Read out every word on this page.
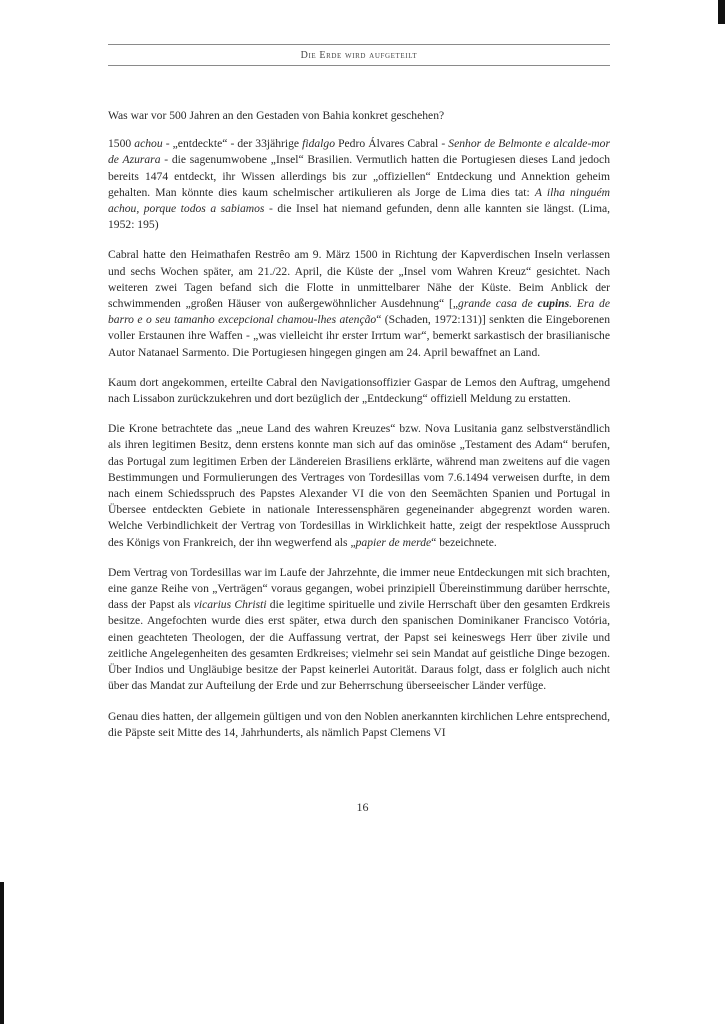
Die Erde wird aufgeteilt

Was war vor 500 Jahren an den Gestaden von Bahia konkret geschehen?

1500 achou - „entdeckte“ - der 33jährige fidalgo Pedro Álvares Cabral - Senhor de Belmonte e alcalde-mor de Azurara - die sagenumwobene „Insel“ Brasilien. Vermutlich hatten die Portugiesen dieses Land jedoch bereits 1474 entdeckt, ihr Wissen allerdings bis zur „offiziellen“ Entdeckung und Annektion geheim gehalten. Man könnte dies kaum schelmischer artikulieren als Jorge de Lima dies tat: A ilha ninguém achou, porque todos a sabiamos - die Insel hat niemand gefunden, denn alle kannten sie längst. (Lima, 1952: 195)

Cabral hatte den Heimathafen Restrêo am 9. März 1500 in Richtung der Kapverdischen Inseln verlassen und sechs Wochen später, am 21./22. April, die Küste der „Insel vom Wahren Kreuz“ gesichtet. Nach weiteren zwei Tagen befand sich die Flotte in unmittelbarer Nähe der Küste. Beim Anblick der schwimmenden „großen Häuser von außergewöhnlicher Ausdehnung“ [„grande casa de cupins. Era de barro e o seu tamanho excepcional chamou-lhes atenção“ (Schaden, 1972:131)] senkten die Eingeborenen voller Erstaunen ihre Waffen - „was vielleicht ihr erster Irrtum war“, bemerkt sarkastisch der brasilianische Autor Natanael Sarmento. Die Portugiesen hingegen gingen am 24. April bewaffnet an Land.

Kaum dort angekommen, erteilte Cabral den Navigationsoffizier Gaspar de Lemos den Auftrag, umgehend nach Lissabon zurückzukehren und dort bezüglich der „Entdeckung“ offiziell Meldung zu erstatten.

Die Krone betrachtete das „neue Land des wahren Kreuzes“ bzw. Nova Lusitania ganz selbstverständlich als ihren legitimen Besitz, denn erstens konnte man sich auf das ominöse „Testament des Adam“ berufen, das Portugal zum legitimen Erben der Ländereien Brasiliens erklärte, während man zweitens auf die vagen Bestimmungen und Formulierungen des Vertrages von Tordesillas vom 7.6.1494 verweisen durfte, in dem nach einem Schiedsspruch des Papstes Alexander VI die von den Seemächten Spanien und Portugal in Übersee entdeckten Gebiete in nationale Interessensphären gegeneinander abgegrenzt worden waren. Welche Verbindlichkeit der Vertrag von Tordesillas in Wirklichkeit hatte, zeigt der respektlose Ausspruch des Königs von Frankreich, der ihn wegwerfend als „papier de merde“ bezeichnete.

Dem Vertrag von Tordesillas war im Laufe der Jahrzehnte, die immer neue Entdeckungen mit sich brachten, eine ganze Reihe von „Verträgen“ voraus gegangen, wobei prinzipiell Übereinstimmung darüber herrschte, dass der Papst als vicarius Christi die legitime spirituelle und zivile Herrschaft über den gesamten Erdkreis besitze. Angefochten wurde dies erst später, etwa durch den spanischen Dominikaner Francisco Votória, einen geachteten Theologen, der die Auffassung vertrat, der Papst sei keineswegs Herr über zivile und zeitliche Angelegenheiten des gesamten Erdkreises; vielmehr sei sein Mandat auf geistliche Dinge bezogen. Über Indios und Ungläubige besitze der Papst keinerlei Autorität. Daraus folgt, dass er folglich auch nicht über das Mandat zur Aufteilung der Erde und zur Beherrschung überseeischer Länder verfüge.

Genau dies hatten, der allgemein gültigen und von den Noblen anerkannten kirchlichen Lehre entsprechend, die Päpste seit Mitte des 14, Jahrhunderts, als nämlich Papst Clemens VI

16
